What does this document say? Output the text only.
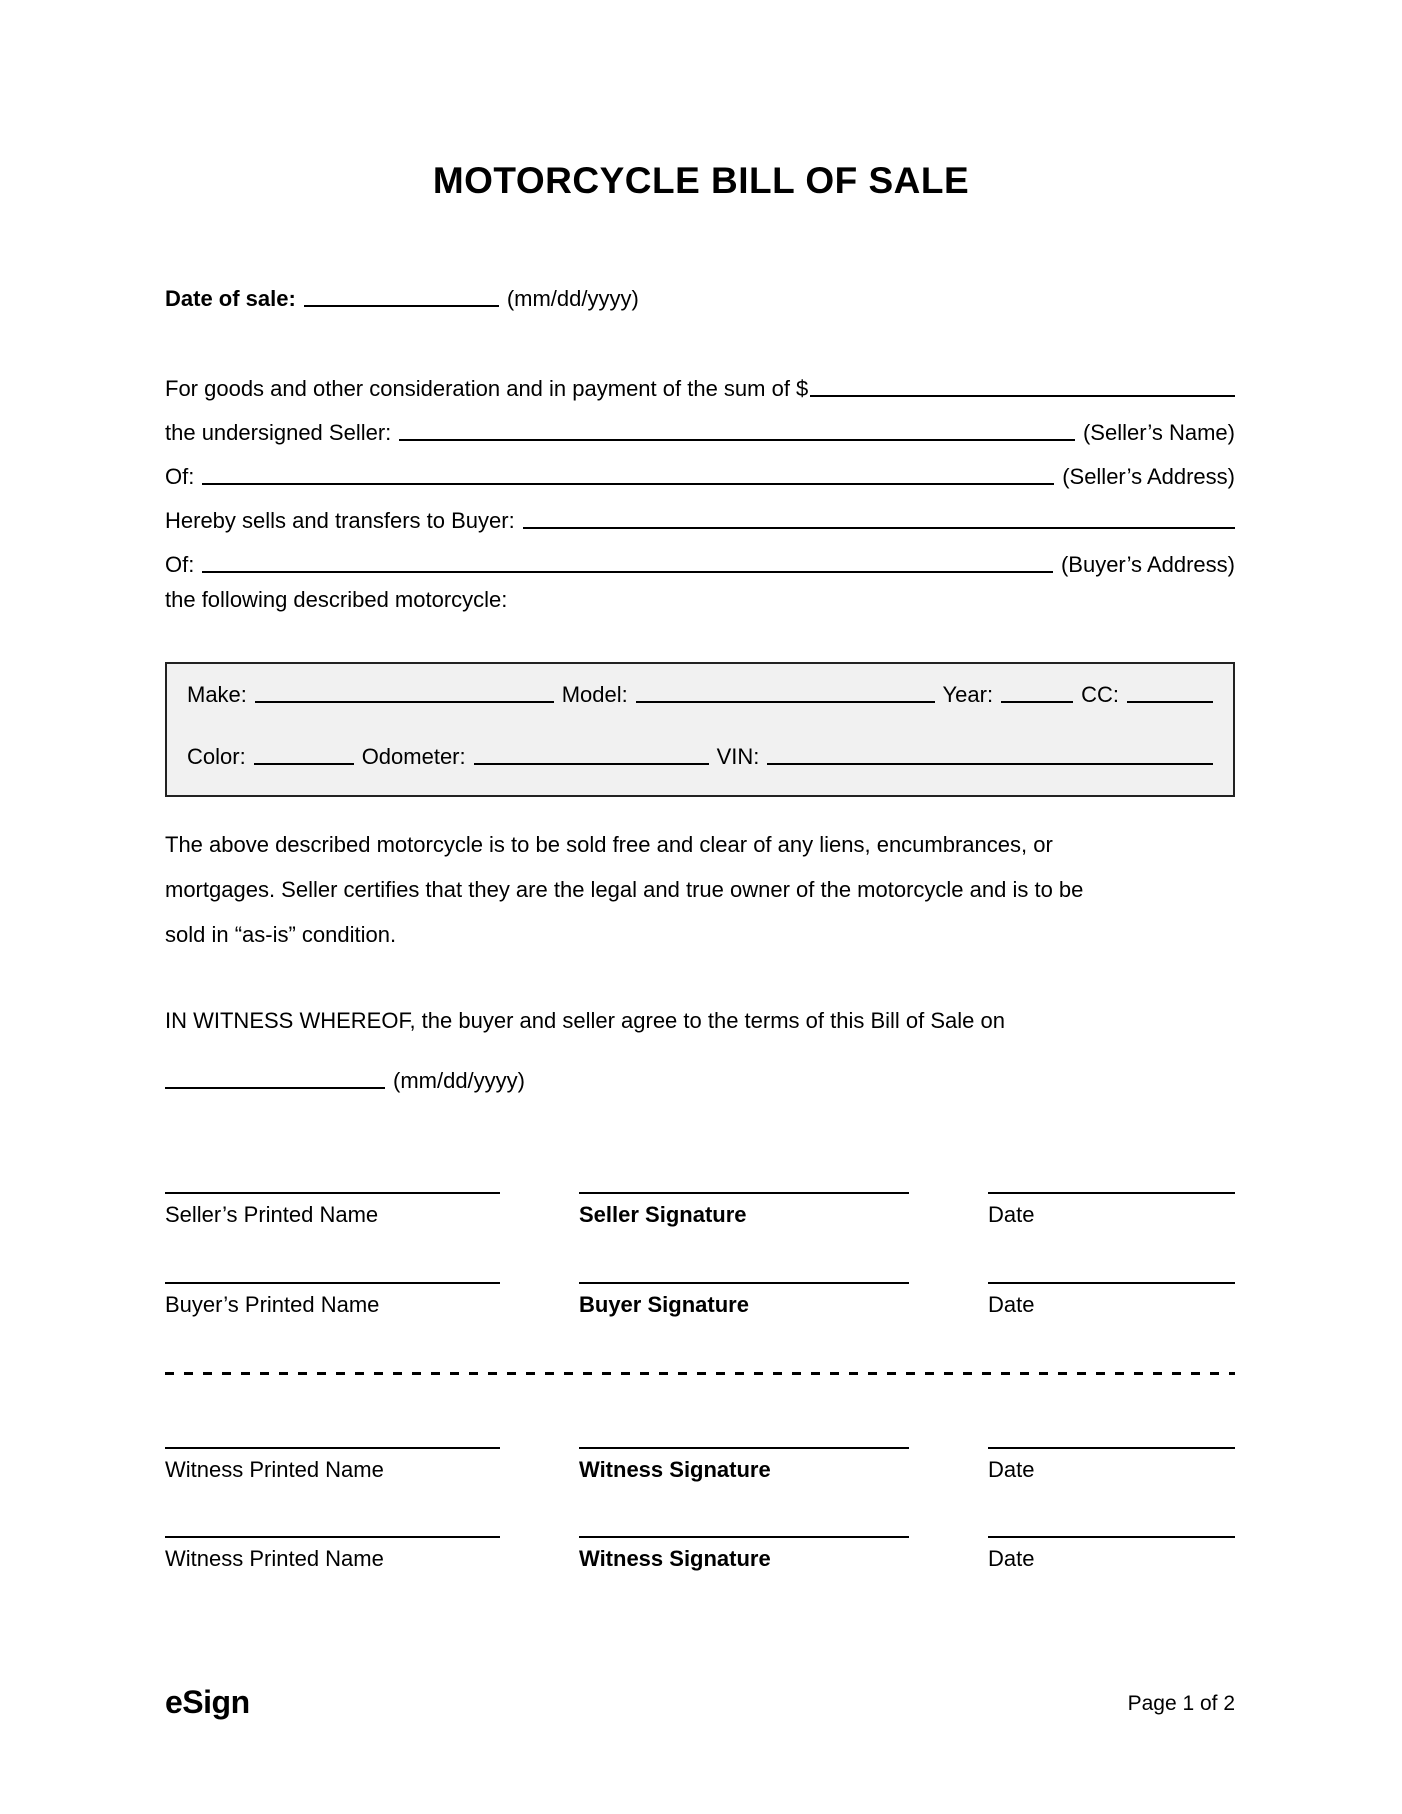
MOTORCYCLE BILL OF SALE
Date of sale:	(mm/dd/yyyy)
For goods and other consideration and in payment of the sum of $
the undersigned Seller:	(Seller’s Name)
Of:	(Seller’s Address)
Hereby sells and transfers to Buyer:
Of:	(Buyer’s Address)
the following described motorcycle:
Make:	Model:	Year:	CC:
Color:	Odometer:	VIN:
The above described motorcycle is to be sold free and clear of any liens, encumbrances, or
mortgages. Seller certifies that they are the legal and true owner of the motorcycle and is to be
sold in “as-is” condition.
IN WITNESS WHEREOF, the buyer and seller agree to the terms of this Bill of Sale on
(mm/dd/yyyy)
Seller’s Printed Name	Seller Signature	Date
Buyer’s Printed Name	Buyer Signature	Date
Witness Printed Name	Witness Signature	Date
Witness Printed Name	Witness Signature	Date
eSign	Page 1 of 2
